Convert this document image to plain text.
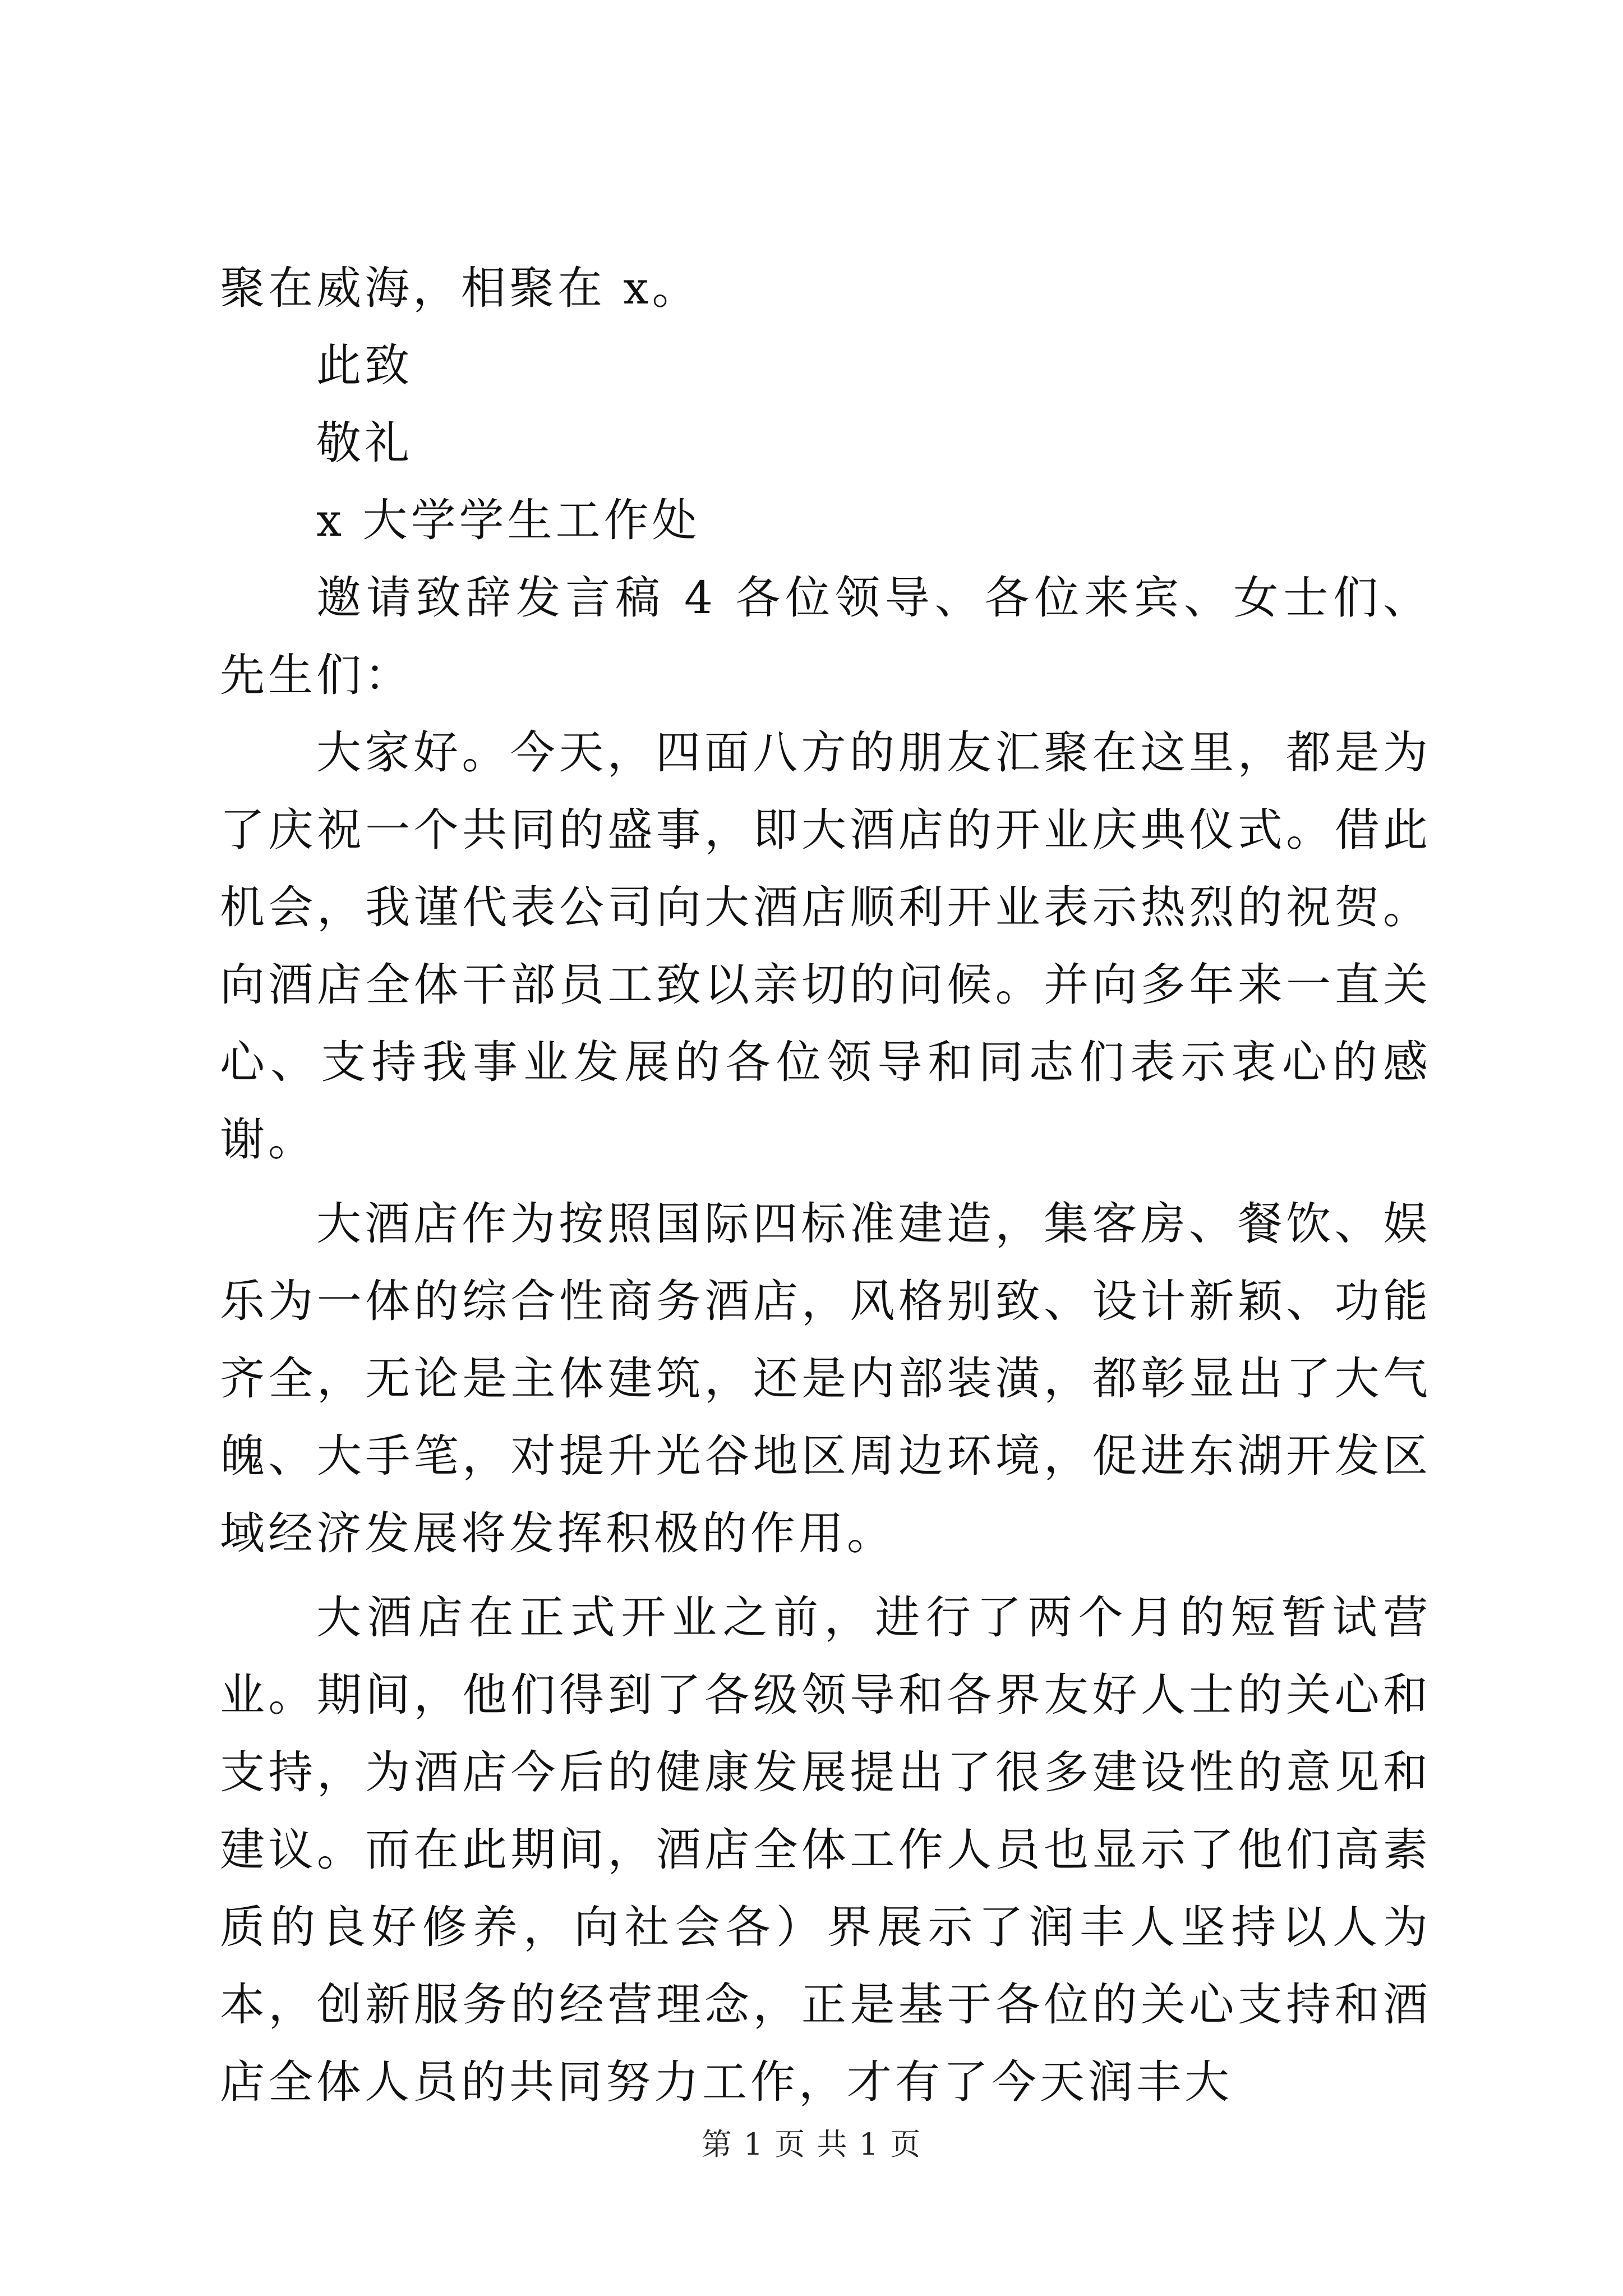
聚在威海，相聚在 x。

此致

敬礼

x 大学学生工作处

邀请致辞发言稿 4 各位领导、各位来宾、女士们、先生们：

大家好。今天，四面八方的朋友汇聚在这里，都是为了庆祝一个共同的盛事，即大酒店的开业庆典仪式。借此机会，我谨代表公司向大酒店顺利开业表示热烈的祝贺。向酒店全体干部员工致以亲切的问候。并向多年来一直关心、支持我事业发展的各位领导和同志们表示衷心的感谢。

大酒店作为按照国际四标准建造，集客房、餐饮、娱乐为一体的综合性商务酒店，风格别致、设计新颖、功能齐全，无论是主体建筑，还是内部装潢，都彰显出了大气魄、大手笔，对提升光谷地区周边环境，促进东湖开发区域经济发展将发挥积极的作用。

大酒店在正式开业之前，进行了两个月的短暂试营业。期间，他们得到了各级领导和各界友好人士的关心和支持，为酒店今后的健康发展提出了很多建设性的意见和建议。而在此期间，酒店全体工作人员也显示了他们高素质的良好修养，向社会各）界展示了润丰人坚持以人为本，创新服务的经营理念，正是基于各位的关心支持和酒店全体人员的共同努力工作，才有了今天润丰大

第 1 页 共 1 页
